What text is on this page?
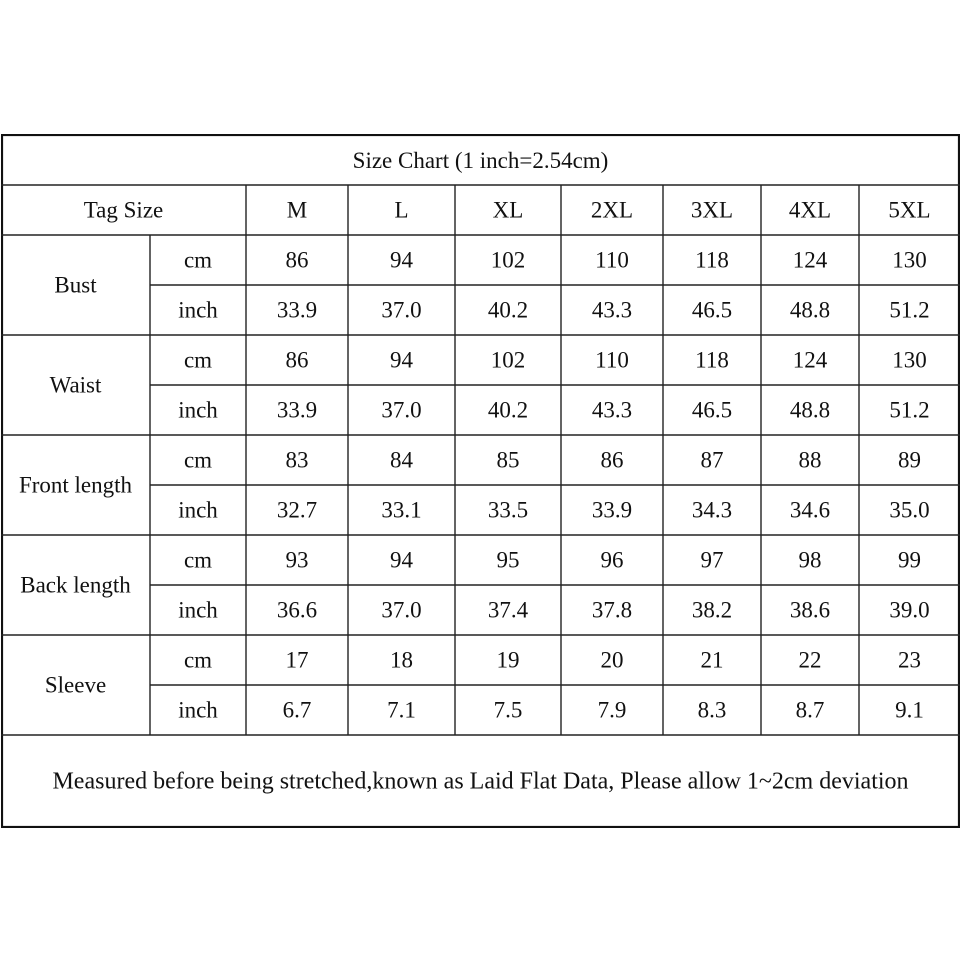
Size Chart (1 inch=2.54cm)
Tag Size	M	L	XL	2XL	3XL 4XL 5XL
Bust
cm	86	94	102	110	118	124	130
inch	33.9	37.0	40.2	43.3	46.5	48.8	51.2
Waist
cm	86	94	102	110	118	124	130
inch	33.9	37.0	40.2	43.3	46.5	48.8	51.2
Front length
cm	83	84	85	86	87	88	89
inch	32.7	33.1	33.5	33.9	34.3	34.6	35.0
Back length
cm	93	94	95	96	97	98	99
inch	36.6	37.0	37.4	37.8	38.2	38.6	39.0
Sleeve
cm	17	18	19	20	21	22	23
inch	6.7	7.1	7.5	7.9	8.3	8.7	9.1
Measured before being stretched,known as Laid Flat Data, Please allow 1~2cm deviation
